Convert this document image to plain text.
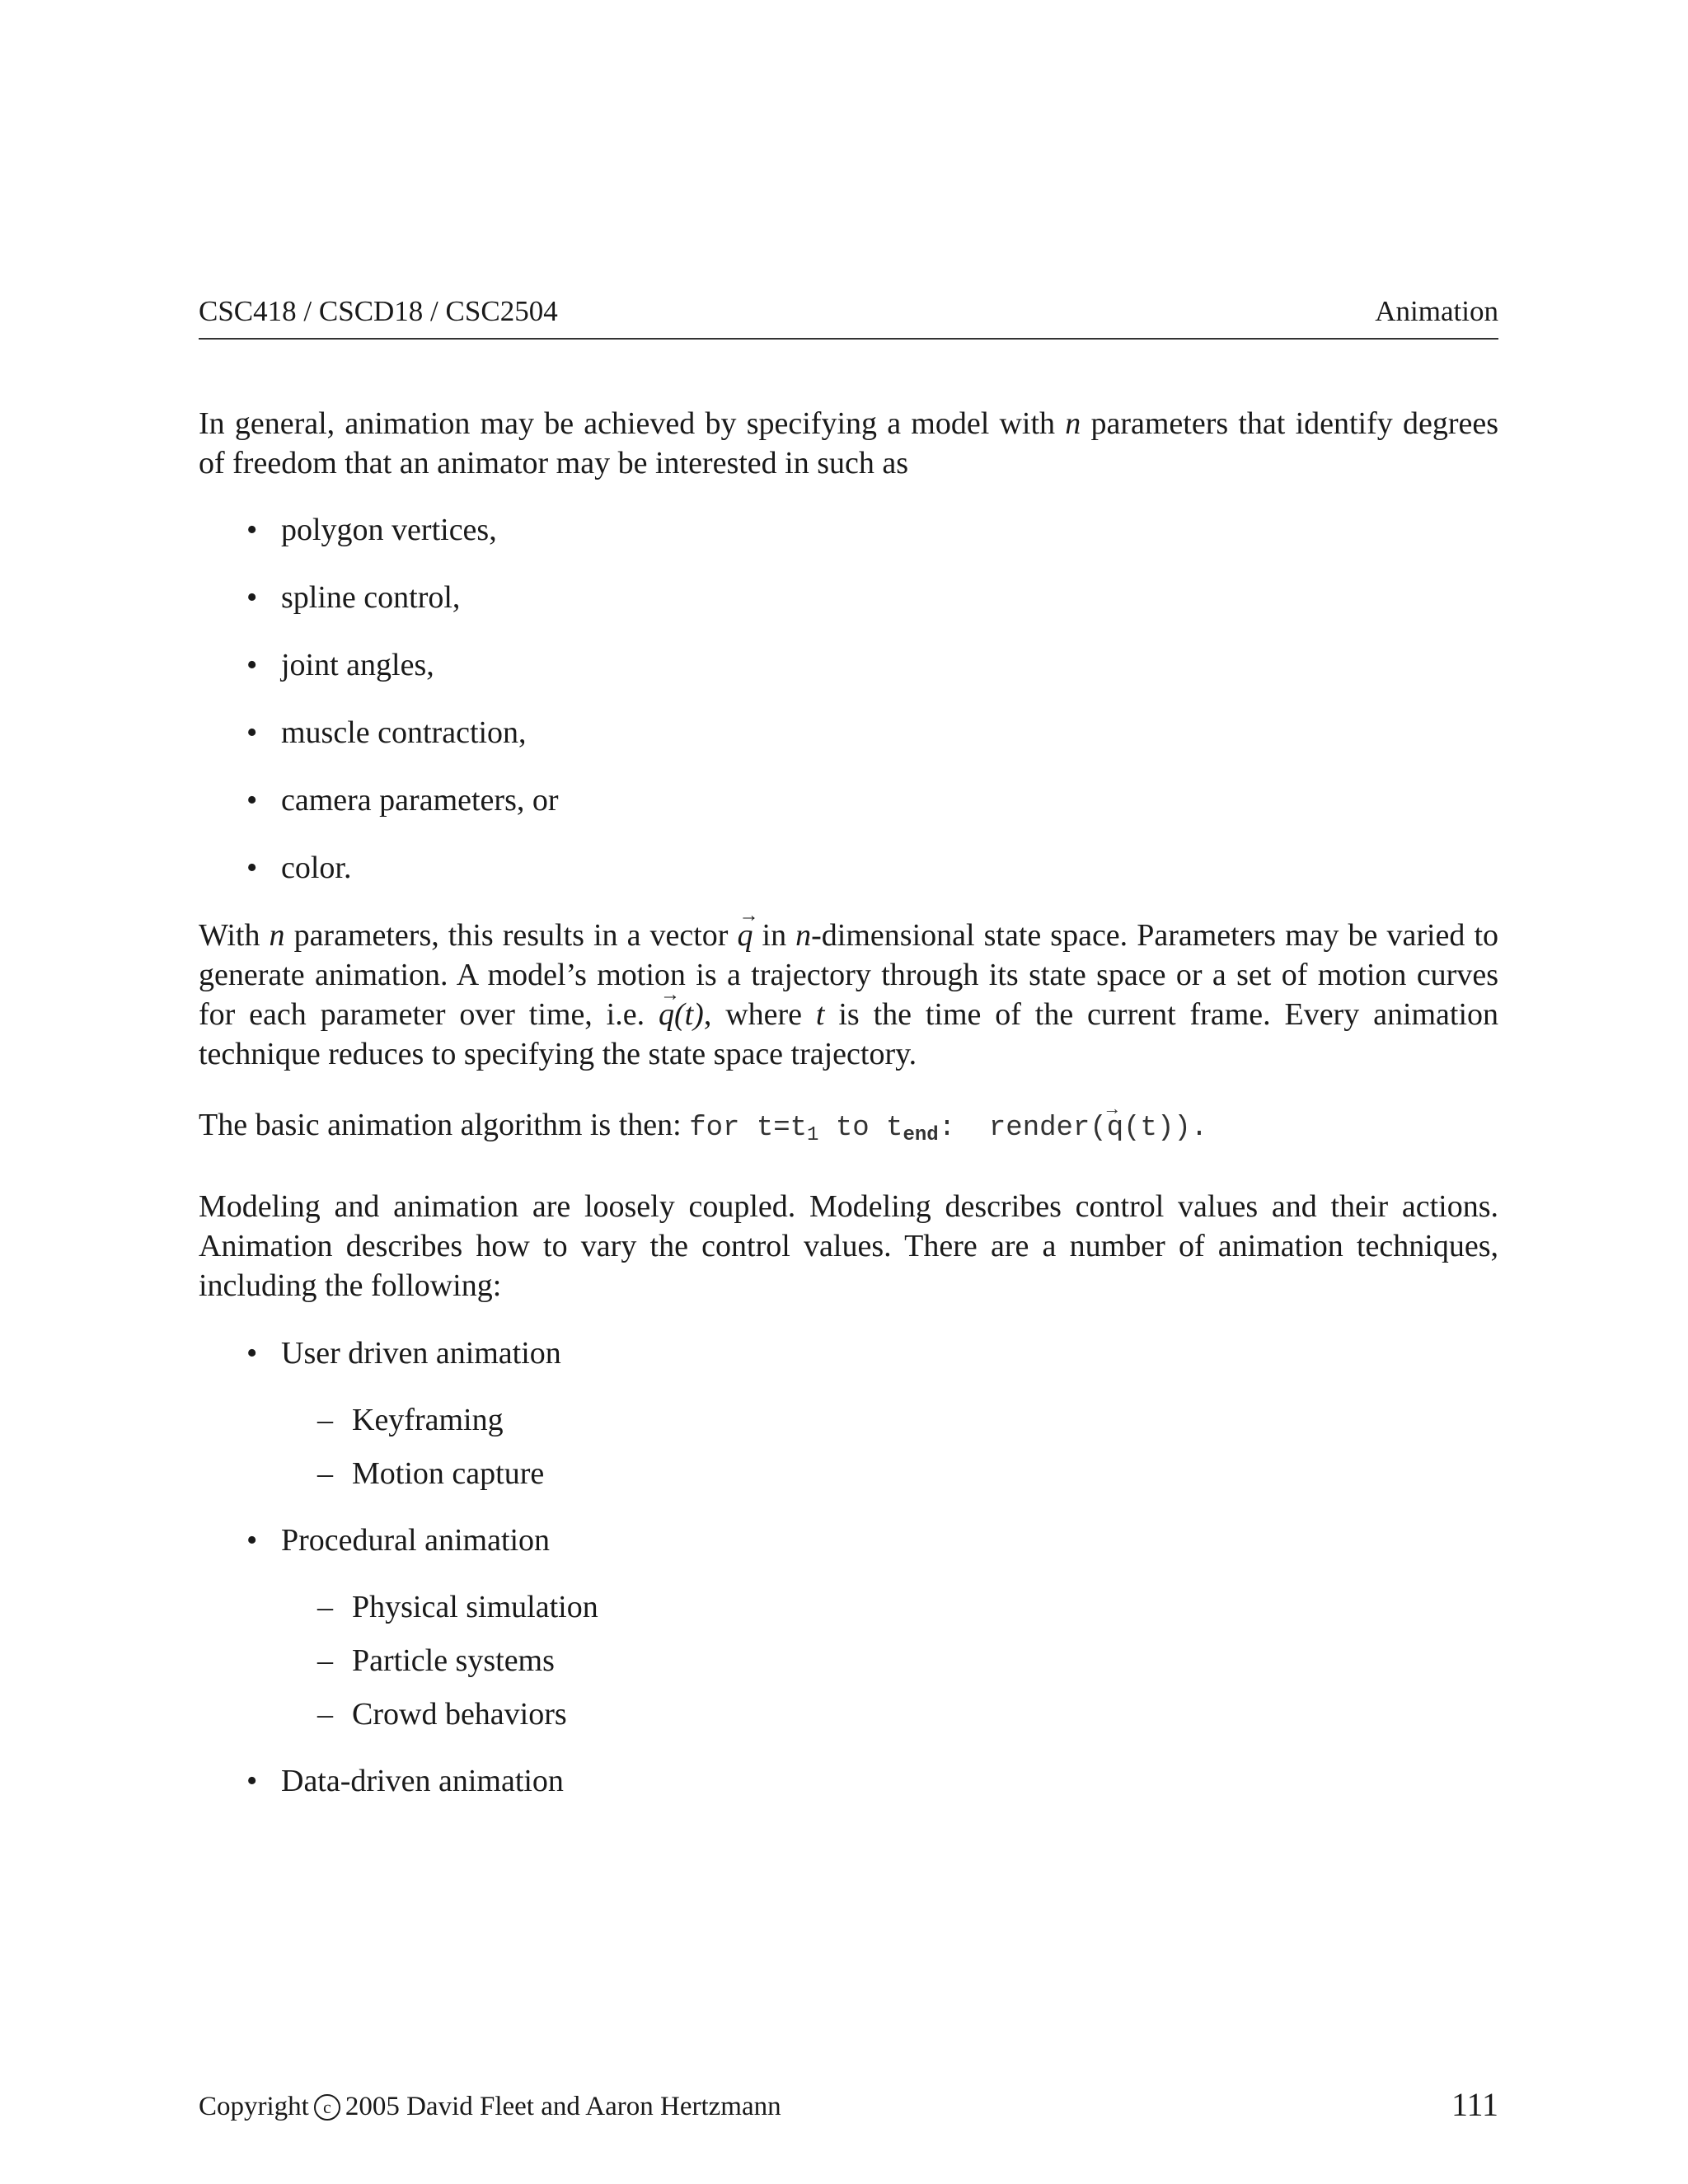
CSC418 / CSCD18 / CSC2504	Animation

In general, animation may be achieved by specifying a model with n parameters that identify degrees of freedom that an animator may be interested in such as

• polygon vertices,
• spline control,
• joint angles,
• muscle contraction,
• camera parameters, or
• color.

With n parameters, this results in a vector q → in n-dimensional state space. Parameters may be varied to generate animation. A model’s motion is a trajectory through its state space or a set of motion curves for each parameter over time, i.e. q →(t), where t is the time of the current frame. Every animation technique reduces to specifying the state space trajectory.

The basic animation algorithm is then: for $t=t_1$ to tend:  render(q →(t)).

Modeling and animation are loosely coupled. Modeling describes control values and their actions. Animation describes how to vary the control values. There are a number of animation techniques, including the following:

• User driven animation
– Keyframing
– Motion capture
• Procedural animation
– Physical simulation
– Particle systems
– Crowd behaviors
• Data-driven animation
Copyright c 2005 David Fleet and Aaron Hertzmann	111
